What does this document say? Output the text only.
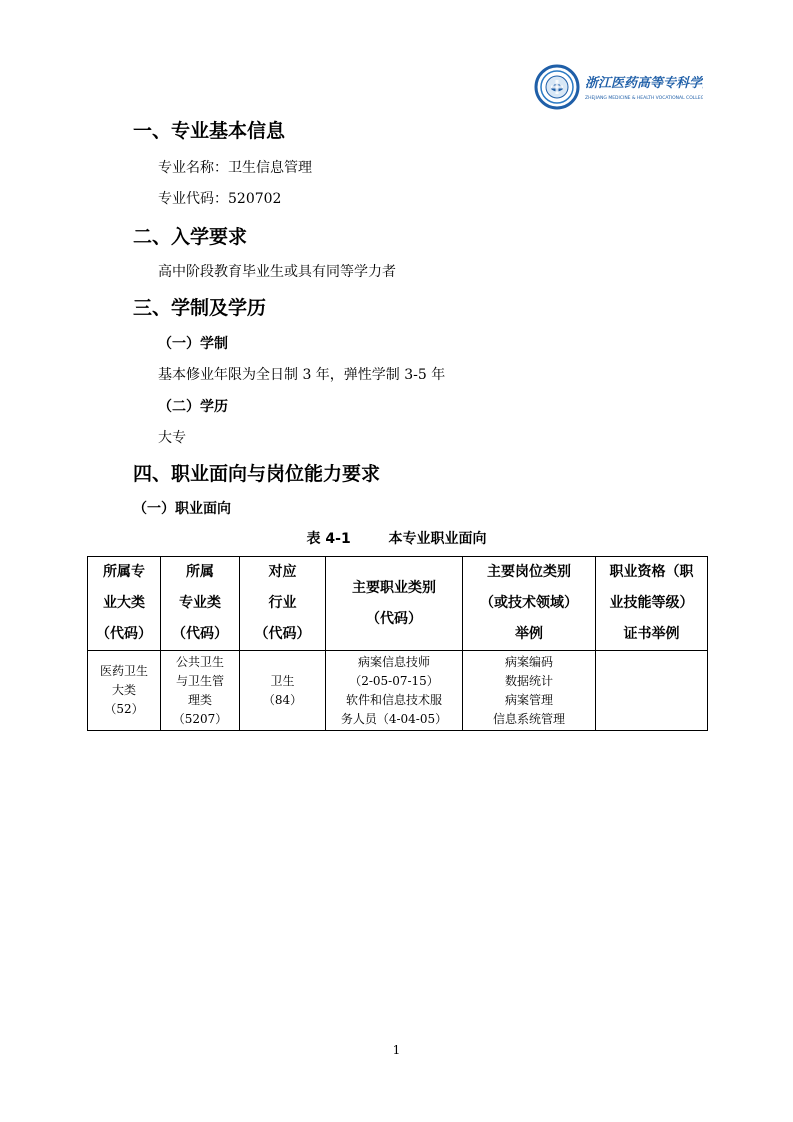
浙江医药高等专科学院
ZHEJIANG MEDICINE & HEALTH VOCATIONAL COLLEGE
一、专业基本信息
专业名称：卫生信息管理
专业代码：520702
二、入学要求
高中阶段教育毕业生或具有同等学力者
三、学制及学历
（一）学制
基本修业年限为全日制 3 年，弹性学制 3-5 年
（二）学历
大专
四、职业面向与岗位能力要求
（一）职业面向
表 4-1	本专业职业面向
所属专
业大类
（代码）	所属
专业类
（代码）	对应
行业
（代码）	主要职业类别
（代码）	主要岗位类别
（或技术领域）
举例	职业资格（职
业技能等级）
证书举例

医药卫生
大类
（52）	公共卫生
与卫生管
理类
（5207）	卫生
（84）	病案信息技师
（2-05-07-15）
软件和信息技术服
务人员（4-04-05）	病案编码
数据统计
病案管理
信息系统管理	

1
